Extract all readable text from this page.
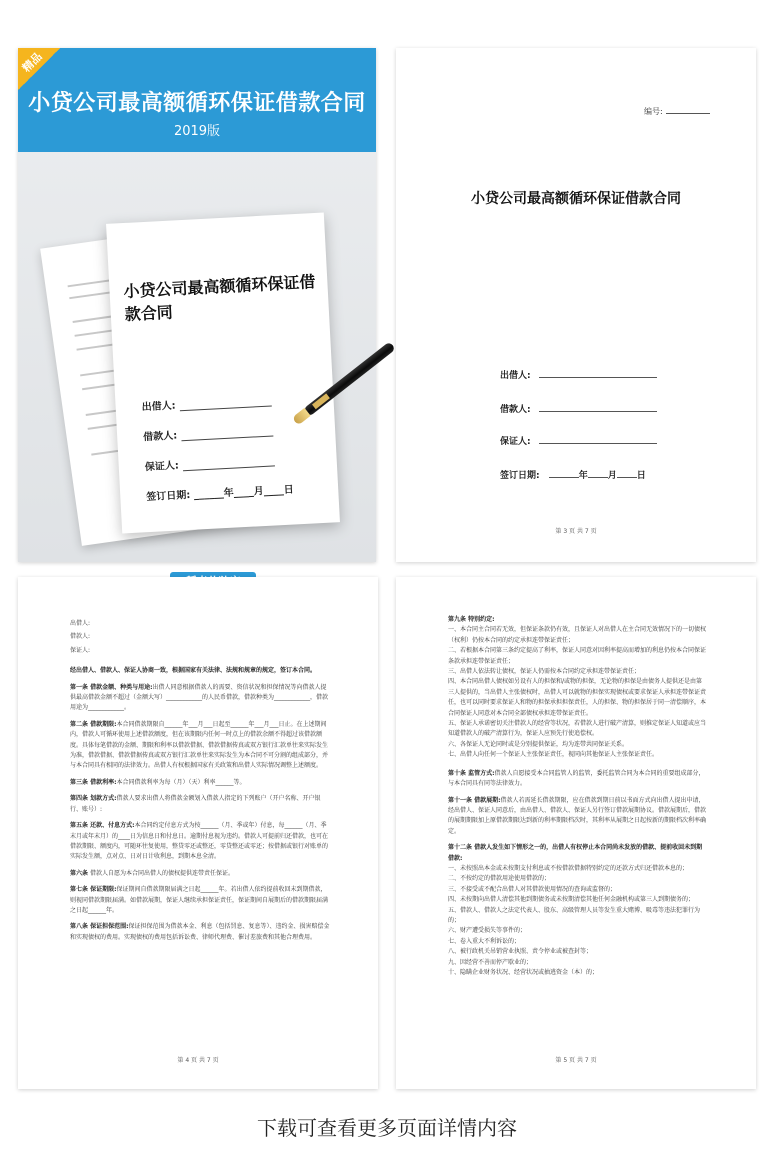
精品
小贷公司最高额循环保证借款合同
2019版
小贷公司最高额循环保证借款合同
出借人:
借款人:
保证人:
签订日期: ______年____月____日
编号:
小贷公司最高额循环保证借款合同
出借人:
借款人:
保证人:
签订日期:	年 月 日
第 3 页 共 7 页
出借人:
借款人:
保证人:

经出借人、借款人、保证人协商一致，根据国家有关法律、法规和规章的规定，签订本合同。

第一条 借款金额、种类与用途:出借人同意根据借款人的需要、资信状况和担保情况等向借款人提供最高借款金额不超过（金额大写）____________的人民币借款，借款种类为____________，借款用途为____________。

第二条 借款期限:本合同借款期限自______年___月___日起至______年___月___日止。在上述期间内，借款人可循环使用上述借款额度，但在该期限内任何一时点上的借款余额不得超过该借款额度。具体每笔借款的金额、期限和利率以借款借据、借款借据传真或双方银行汇款单往来实际发生为准，借款借据、借款借据传真或双方银行汇款单往来实际发生为本合同不可分割的组成部分，并与本合同具有相同的法律效力。出借人有权根据国家有关政策和出借人实际情况调整上述额度。

第三条 借款利率:本合同借款利率为每（月）（天）利率______等。

第四条 划款方式:借款人要求出借人将借款金额划入借款人指定的下列账户（开户名称、开户银行、账号）:

第五条 还款、付息方式:本合同约定付息方式为按______（月、季或年）付息，每______（月、季末月或年末月）的____日为信息日和付息日。逾期付息视为违约。借款人可提前归还借款，也可在借款期限、额度内，可随环往复使用，整贷零还或整还，零贷整还或零还；按借据或银行对账单的实际发生额，点对点、日对日计收利息，到期本息全清。

第六条 借款人自愿为本合同出借人的债权提供连带责任保证。

第七条 保证期限:保证期间自借款期限届满之日起______年。若出借人依约提前收回未到期借款，则视同借款期限届满。如借款展期，保证人继续承担保证责任，保证期间自展期后的借款期限届满之日起______年。

第八条 保证担保范围:保证担保范围为借款本金、利息（包括罚息、复息等）、违约金、损害赔偿金和实现债权的费用。实现债权的费用包括诉讼费、律师代理费、催讨差旅费和其他合理费用。

第 4 页 共 7 页
第九条 特别约定:
一、本合同主合同若无效，但保证条款仍有效，且保证人对出借人在主合同无效情况下的一切债权（权利）仍按本合同的约定承担连带保证责任；
二、若根据本合同第三条约定提高了利率，保证人同意对因利率提高而增加的利息仍按本合同保证条款承担连带保证责任；
三、出借人依法转让债权，保证人仍需按本合同约定承担连带保证责任；
四、本合同出借人债权如另设有人的担保和/或物的担保，无论物的担保是由债务人提供还是由第三人提供的，当出借人主张债权时，出借人可以就物的担保实现债权或要求保证人承担连带保证责任，也可以同时要求保证人和物的担保承担担保责任，人的担保、物的担保居于同一清偿顺序，本合同保证人同意对本合同全部债权承担连带保证责任。
五、保证人承诺密切关注借款人的经营等状况，若借款人进行破产清算，则推定保证人知道或应当知道借款人的破产清算行为，保证人应预先行使追偿权。
六、各保证人无论同时或是分别提供保证，均为连带共同保证关系。
七、出借人向任何一个保证人主张保证责任，视同向其他保证人主张保证责任。

第十条 监管方式:借款人自愿接受本合同监管人的监管，委托监管合同为本合同的重要组成部分，与本合同具有同等法律效力。

第十一条 借款展期:借款人若需延长借款期限，应在借款到期日前以书面方式向出借人提出申请，经出借人、保证人同意后，由出借人、借款人、保证人另行签订借款展期协议。借款展期后，借款的展期期限加上原借款期限达到新的利率期限档次时，其利率从展期之日起按新的期限档次利率确定。

第十二条 借款人发生如下情形之一的，出借人有权停止本合同尚未发放的借款、提前收回未到期借款:
一、未按照出本金或未按期支付利息或不按借款借据特别约定的还款方式归还借款本息的；
二、不按约定的借款用途使用借款的；
三、不接受或不配合出借人对其借款使用情况的查询或监督的；
四、未按期向出借人清偿其他到期债务或未按期清偿其他任何金融机构或第三人到期债务的；
五、借款人、借款人之法定代表人、股东、高级管理人员等发生重大赌博、吸毒等违法犯罪行为的；
六、财产遭受损失等事件的；
七、卷入重大不利诉讼的；
八、被行政机关吊销营业执照、责令停业或被查封等；
九、因经营不善而停产歇业的；
十、隐瞒企业财务状况、经营状况或抽逃资金（本）的；
第 5 页 共 7 页
下载可查看更多页面详情内容
